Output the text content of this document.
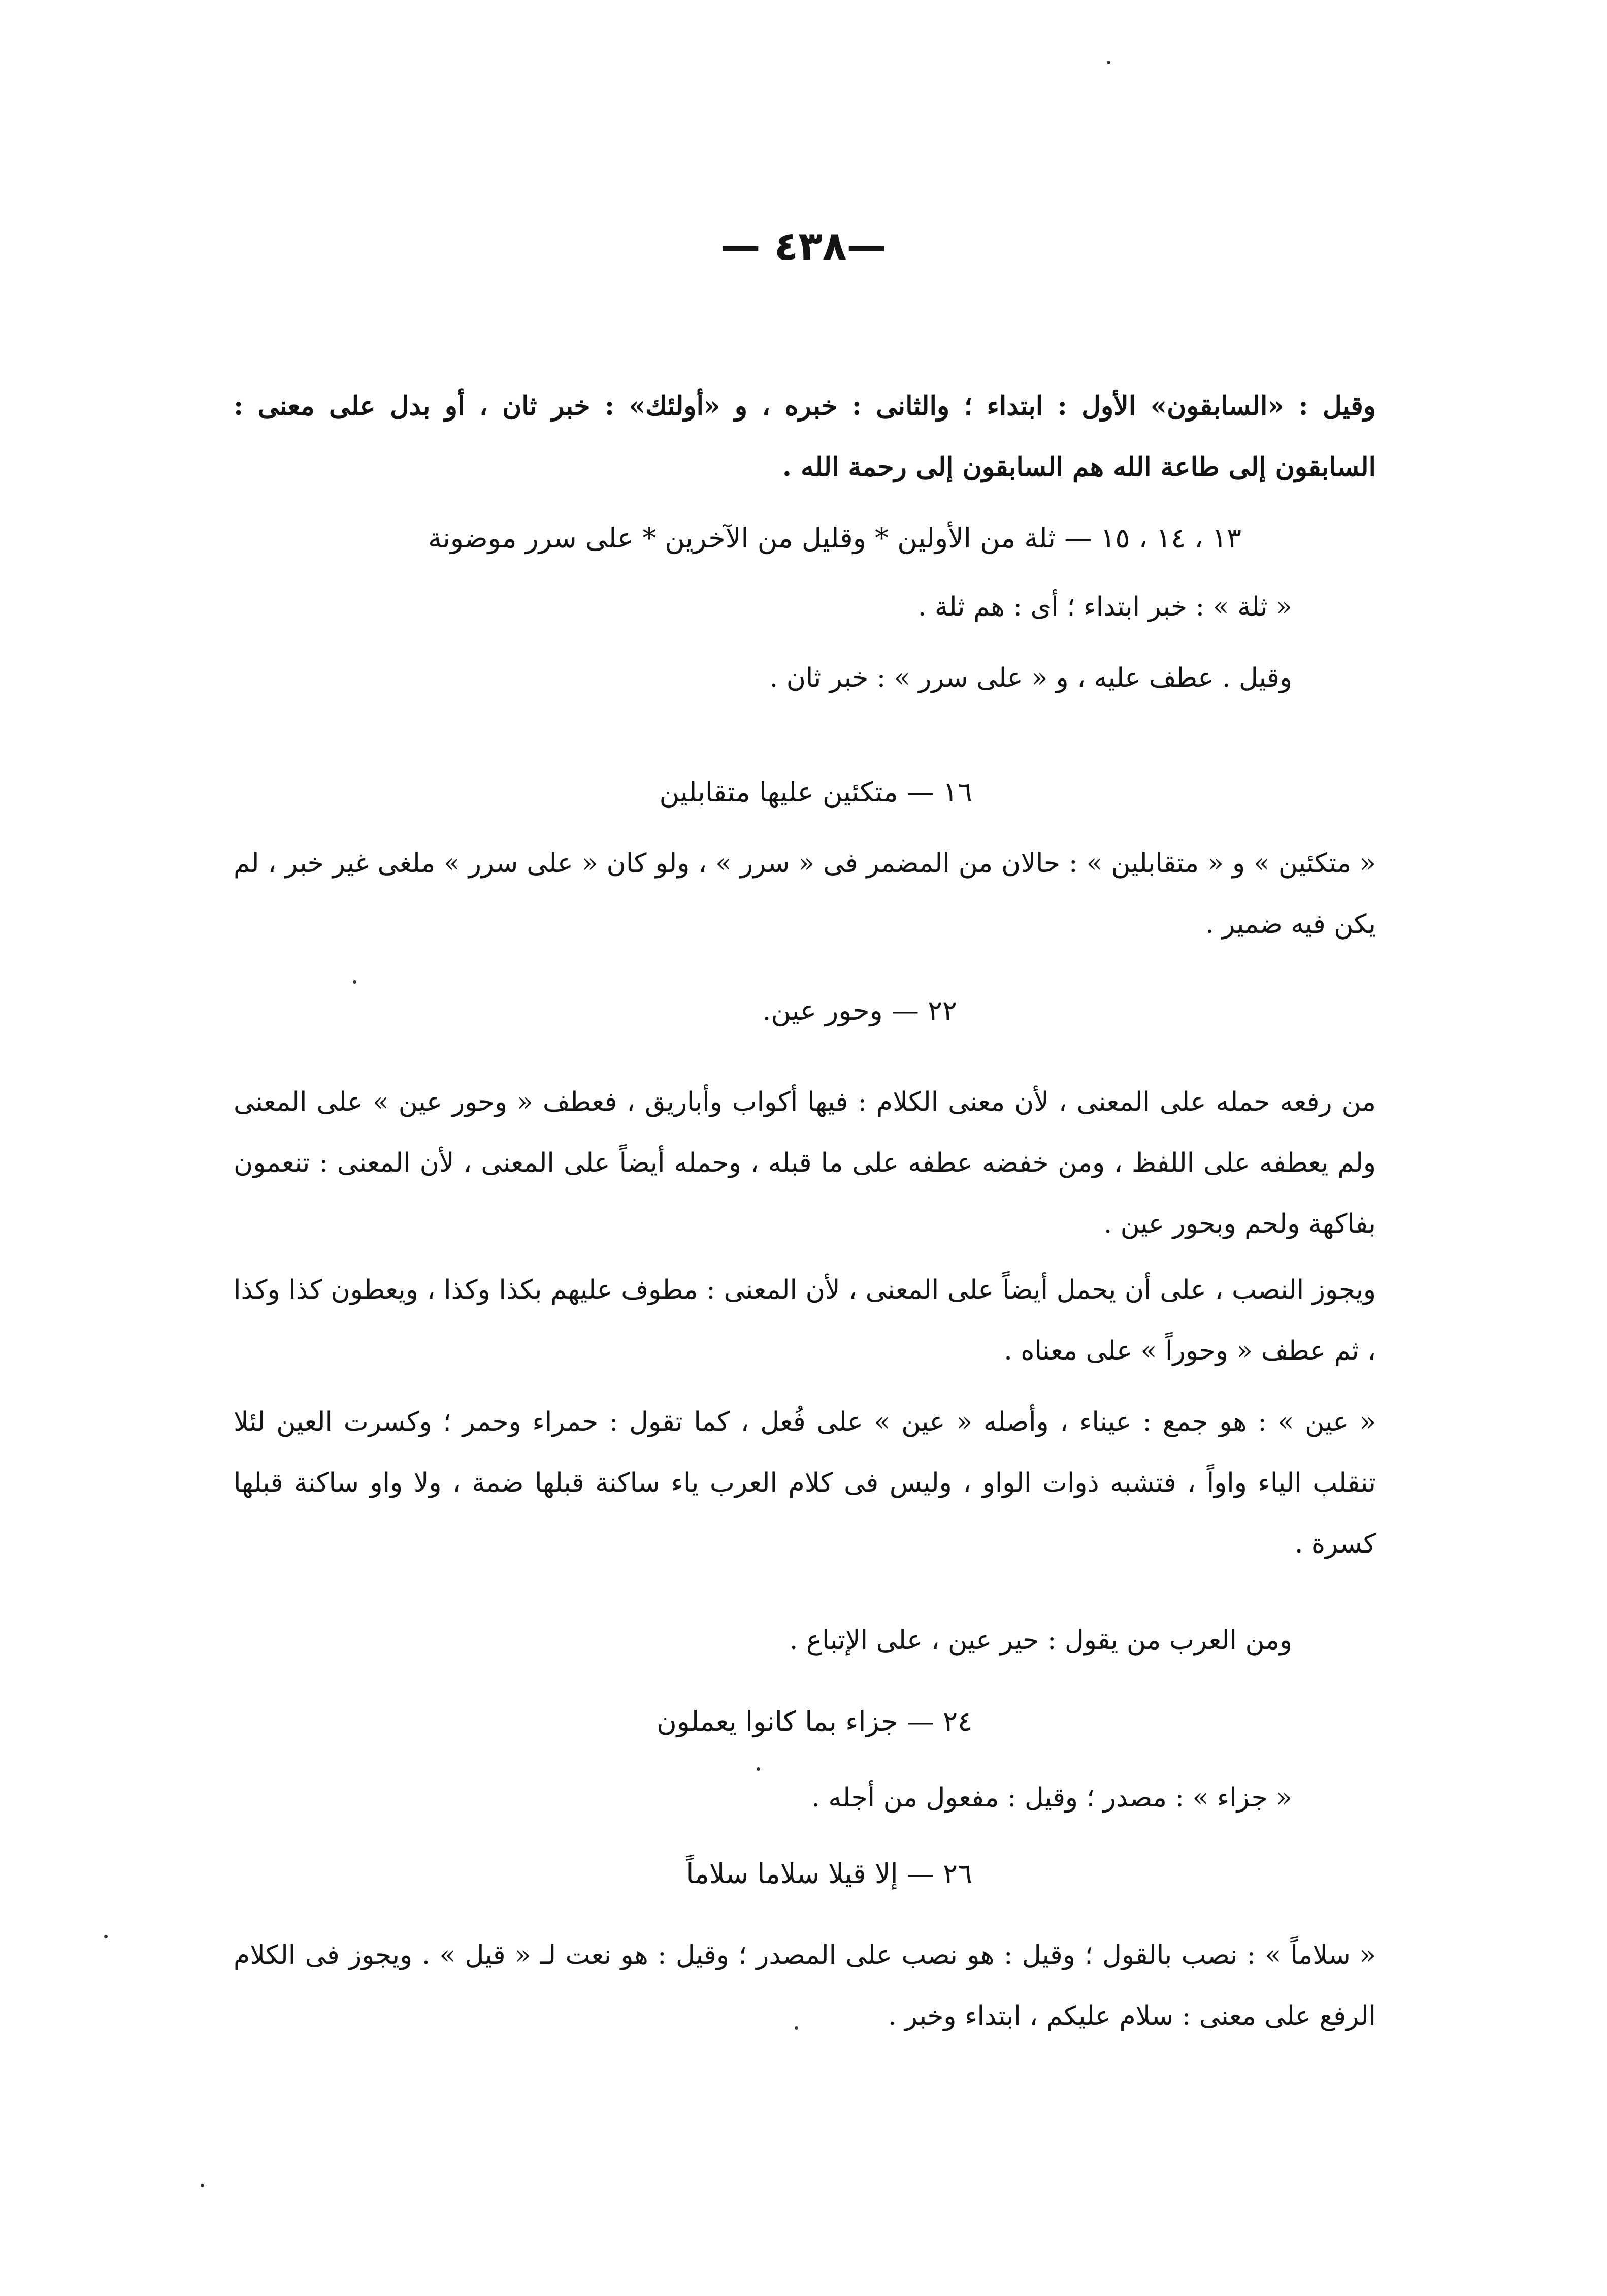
— ٤٣٨—

وقيل : «السابقون» الأول : ابتداء ؛ والثانى : خبره ، و «أولئك» : خبر ثان ، أو بدل على معنى : السابقون إلى طاعة الله هم السابقون إلى رحمة الله .

١٣ ، ١٤ ، ١٥ — ثلة من الأولين * وقليل من الآخرين * على سرر موضونة

« ثلة » : خبر ابتداء ؛ أى : هم ثلة .

وقيل . عطف عليه ، و « على سرر » : خبر ثان .

١٦ — متكئين عليها متقابلين

« متكئين » و « متقابلين » : حالان من المضمر فى « سرر » ، ولو كان « على سرر » ملغى غير خبر ، لم يكن فيه ضمير .

٢٢ — وحور عين.

من رفعه حمله على المعنى ، لأن معنى الكلام : فيها أكواب وأباريق ، فعطف « وحور عين » على المعنى ولم يعطفه على اللفظ ، ومن خفضه عطفه على ما قبله ، وحمله أيضاً على المعنى ، لأن المعنى : تنعمون بفاكهة ولحم وبحور عين .

ويجوز النصب ، على أن يحمل أيضاً على المعنى ، لأن المعنى : مطوف عليهم بكذا وكذا ، ويعطون كذا وكذا ، ثم عطف « وحوراً » على معناه .

« عين » : هو جمع : عيناء ، وأصله « عين » على فُعل ، كما تقول : حمراء وحمر ؛ وكسرت العين لئلا تنقلب الياء واواً ، فتشبه ذوات الواو ، وليس فى كلام العرب ياء ساكنة قبلها ضمة ، ولا واو ساكنة قبلها كسرة .

ومن العرب من يقول : حير عين ، على الإتباع .

٢٤ — جزاء بما كانوا يعملون

« جزاء » : مصدر ؛ وقيل : مفعول من أجله .

٢٦ — إلا قيلا سلاما سلاماً

« سلاماً » : نصب بالقول ؛ وقيل : هو نصب على المصدر ؛ وقيل : هو نعت لـ « قيل » . ويجوز فى الكلام الرفع على معنى : سلام عليكم ، ابتداء وخبر .
